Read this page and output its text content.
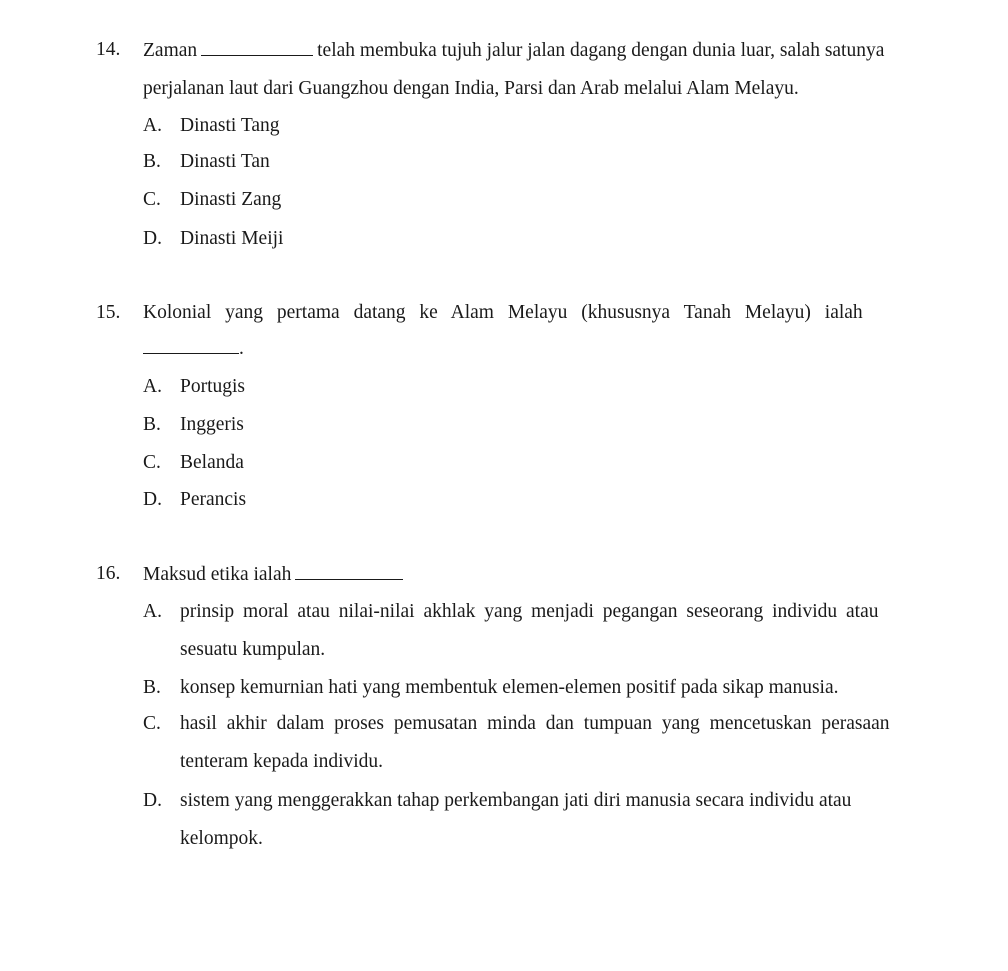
14. Zaman	telah membuka tujuh jalur jalan dagang dengan dunia luar, salah satunya
perjalanan laut dari Guangzhou dengan India, Parsi dan Arab melalui Alam Melayu.
A. Dinasti Tang
B. Dinasti Tan
C. Dinasti Zang
D. Dinasti Meiji
15. Kolonial yang pertama datang ke Alam Melayu (khususnya Tanah Melayu) ialah
.
A. Portugis
B. Inggeris
C. Belanda
D. Perancis
16. Maksud etika ialah
A. prinsip moral atau nilai-nilai akhlak yang menjadi pegangan seseorang individu atau
sesuatu kumpulan.
B. konsep kemurnian hati yang membentuk elemen-elemen positif pada sikap manusia.
C. hasil akhir dalam proses pemusatan minda dan tumpuan yang mencetuskan perasaan
tenteram kepada individu.
D. sistem yang menggerakkan tahap perkembangan jati diri manusia secara individu atau
kelompok.
